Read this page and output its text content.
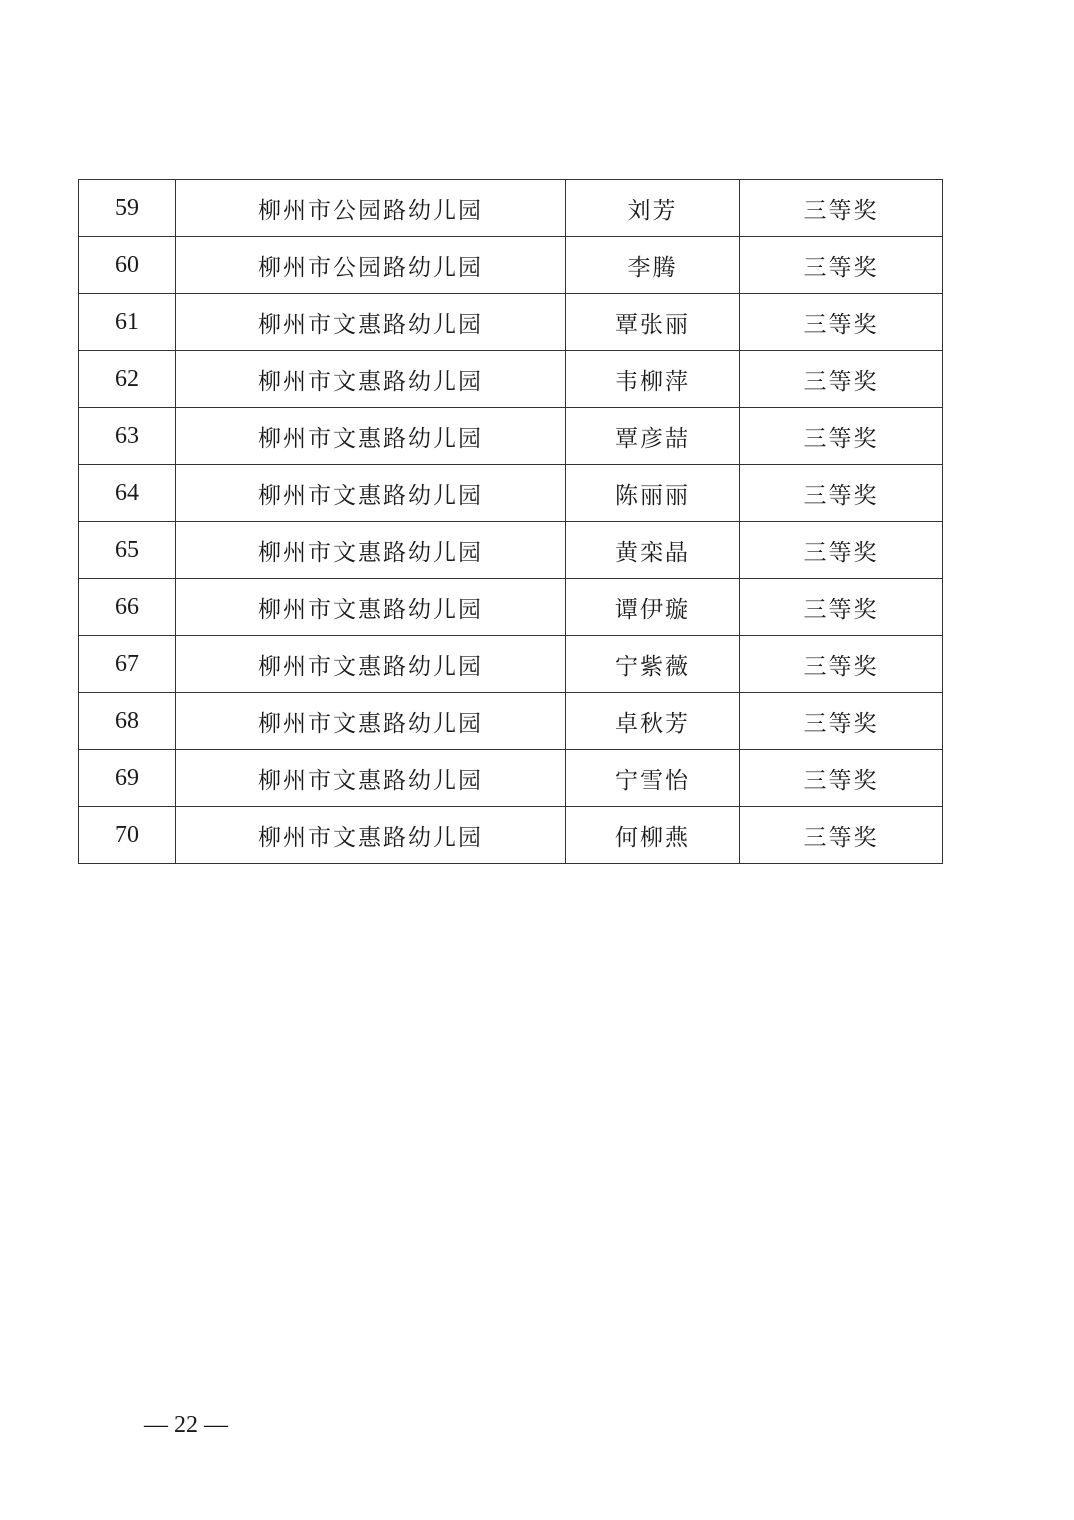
59	柳州市公园路幼儿园	刘芳	三等奖
60	柳州市公园路幼儿园	李腾	三等奖
61	柳州市文惠路幼儿园	覃张丽	三等奖
62	柳州市文惠路幼儿园	韦柳萍	三等奖
63	柳州市文惠路幼儿园	覃彦喆	三等奖
64	柳州市文惠路幼儿园	陈丽丽	三等奖
65	柳州市文惠路幼儿园	黄栾晶	三等奖
66	柳州市文惠路幼儿园	谭伊璇	三等奖
67	柳州市文惠路幼儿园	宁紫薇	三等奖
68	柳州市文惠路幼儿园	卓秋芳	三等奖
69	柳州市文惠路幼儿园	宁雪怡	三等奖
70	柳州市文惠路幼儿园	何柳燕	三等奖
— 22 —
